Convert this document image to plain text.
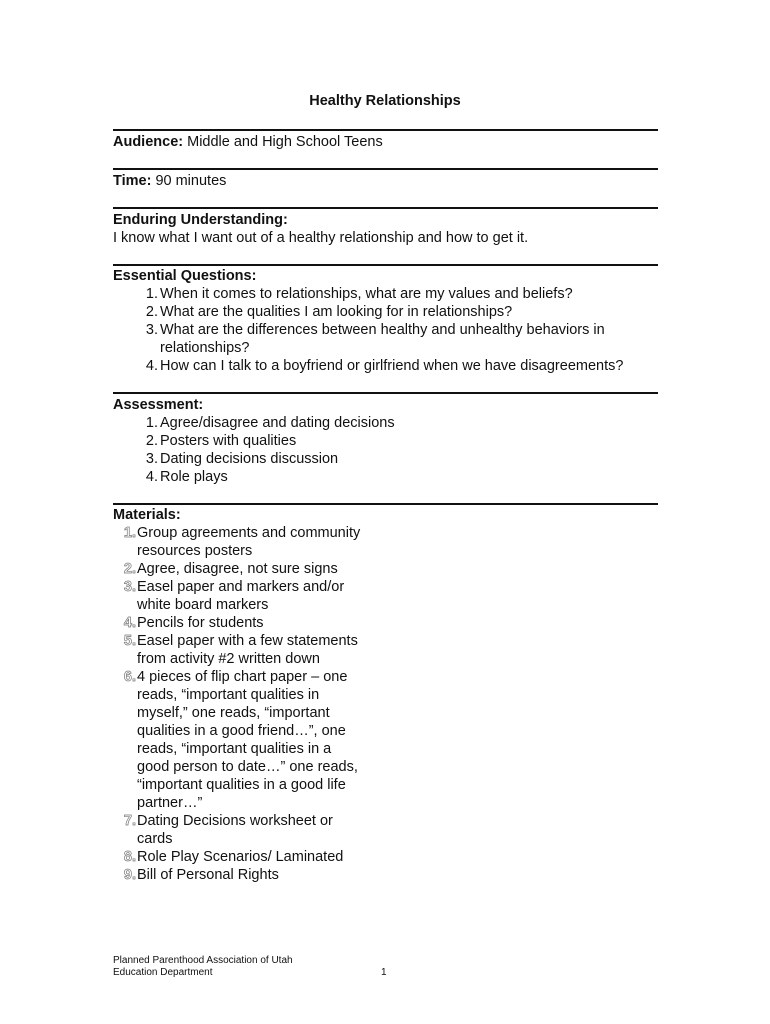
Healthy Relationships
Audience: Middle and High School Teens
Time: 90 minutes
Enduring Understanding:
I know what I want out of a healthy relationship and how to get it.
Essential Questions:
1. When it comes to relationships, what are my values and beliefs?
2. What are the qualities I am looking for in relationships?
3. What are the differences between healthy and unhealthy behaviors in relationships?
4. How can I talk to a boyfriend or girlfriend when we have disagreements?
Assessment:
1. Agree/disagree and dating decisions
2. Posters with qualities
3. Dating decisions discussion
4. Role plays
Materials:
1. Group agreements and community resources posters
2. Agree, disagree, not sure signs
3. Easel paper and markers and/or white board markers
4. Pencils for students
5. Easel paper with a few statements from activity #2 written down
6. 4 pieces of flip chart paper – one reads, “important qualities in myself,” one reads, “important qualities in a good friend…”, one reads, “important qualities in a good person to date…” one reads, “important qualities in a good life partner…”
7. Dating Decisions worksheet or cards
8. Role Play Scenarios/ Laminated
9. Bill of Personal Rights
Planned Parenthood Association of Utah
Education Department	1
